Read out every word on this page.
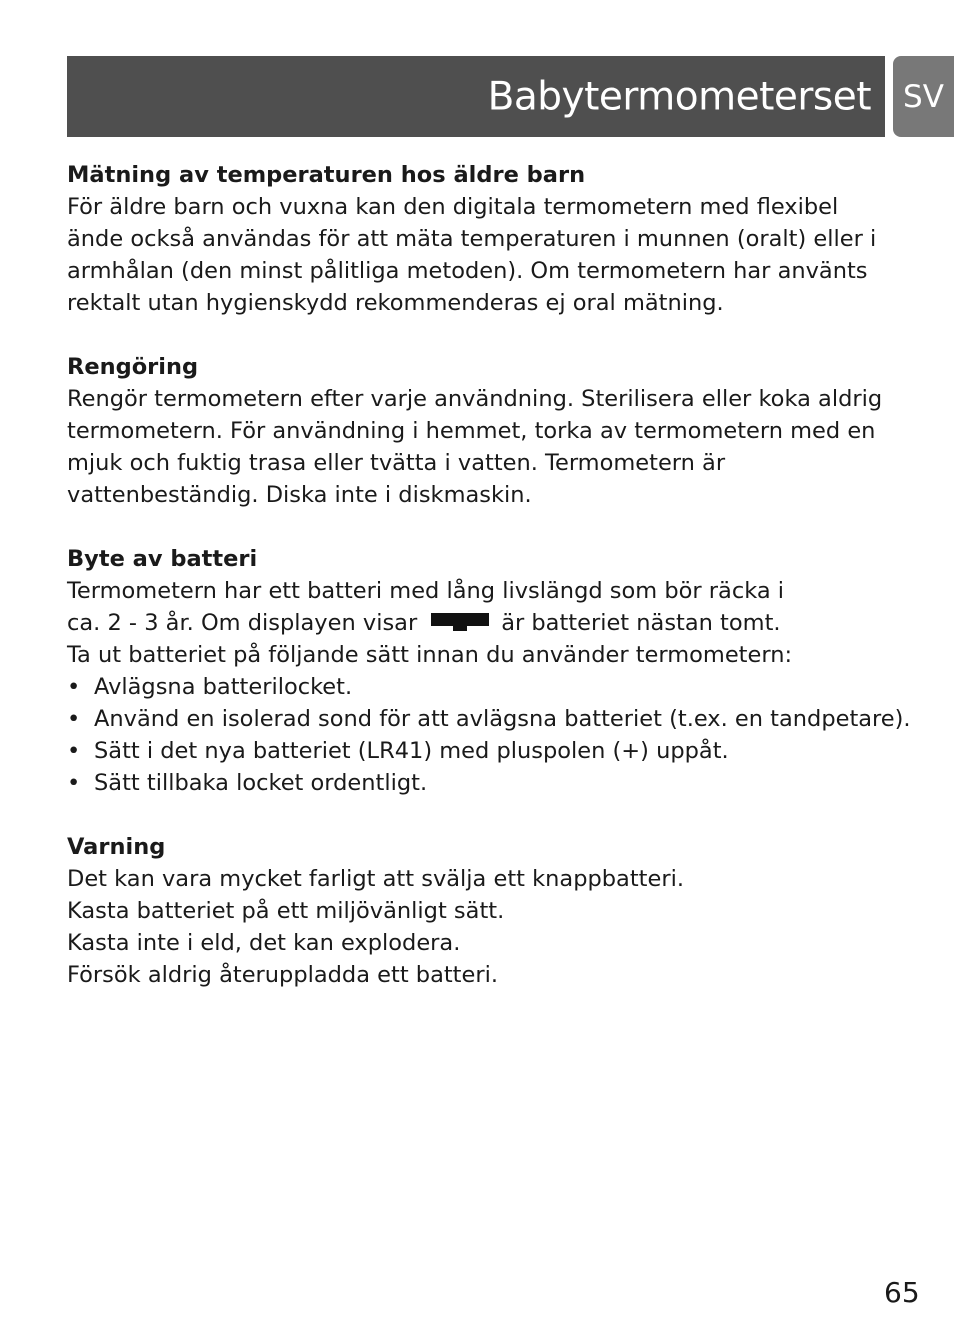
Babytermometerset	SV

Mätning av temperaturen hos äldre barn

För äldre barn och vuxna kan den digitala termometern med flexibel
ände också användas för att mäta temperaturen i munnen (oralt) eller i
armhålan (den minst pålitliga metoden). Om termometern har använts
rektalt utan hygienskydd rekommenderas ej oral mätning.

Rengöring

Rengör termometern efter varje användning. Sterilisera eller koka aldrig
termometern. För användning i hemmet, torka av termometern med en
mjuk och fuktig trasa eller tvätta i vatten. Termometern är
vattenbeständig. Diska inte i diskmaskin.

Byte av batteri

Termometern har ett batteri med lång livslängd som bör räcka i
ca. 2 - 3 år. Om displayen visar	är batteriet nästan tomt.
Ta ut batteriet på följande sätt innan du använder termometern:

• Avlägsna batterilocket.
• Använd en isolerad sond för att avlägsna batteriet (t.ex. en tandpetare).
• Sätt i det nya batteriet (LR41) med pluspolen (+) uppåt.
• Sätt tillbaka locket ordentligt.

Varning

Det kan vara mycket farligt att svälja ett knappbatteri.
Kasta batteriet på ett miljövänligt sätt.
Kasta inte i eld, det kan explodera.
Försök aldrig återuppladda ett batteri.

65
